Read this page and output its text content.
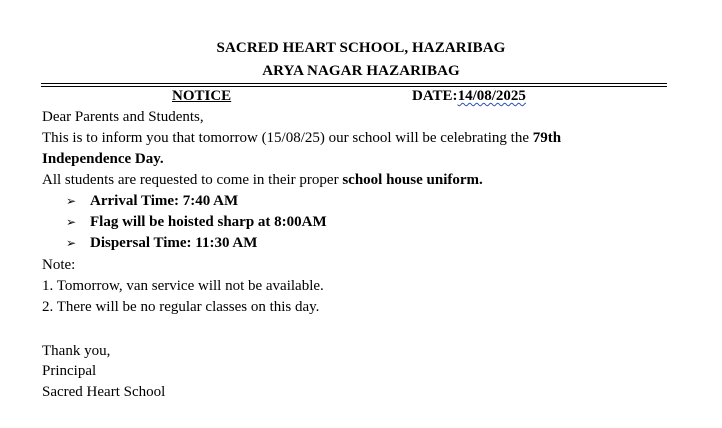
SACRED HEART SCHOOL, HAZARIBAG
ARYA NAGAR HAZARIBAG
NOTICE	DATE:14/08/2025
Dear Parents and Students,
This is to inform you that tomorrow (15/08/25) our school will be celebrating the 79th
Independence Day.
All students are requested to come in their proper school house uniform.
➢ Arrival Time: 7:40 AM
➢ Flag will be hoisted sharp at 8:00AM
➢ Dispersal Time: 11:30 AM
Note:
1. Tomorrow, van service will not be available.
2. There will be no regular classes on this day.
Thank you,
Principal
Sacred Heart School
